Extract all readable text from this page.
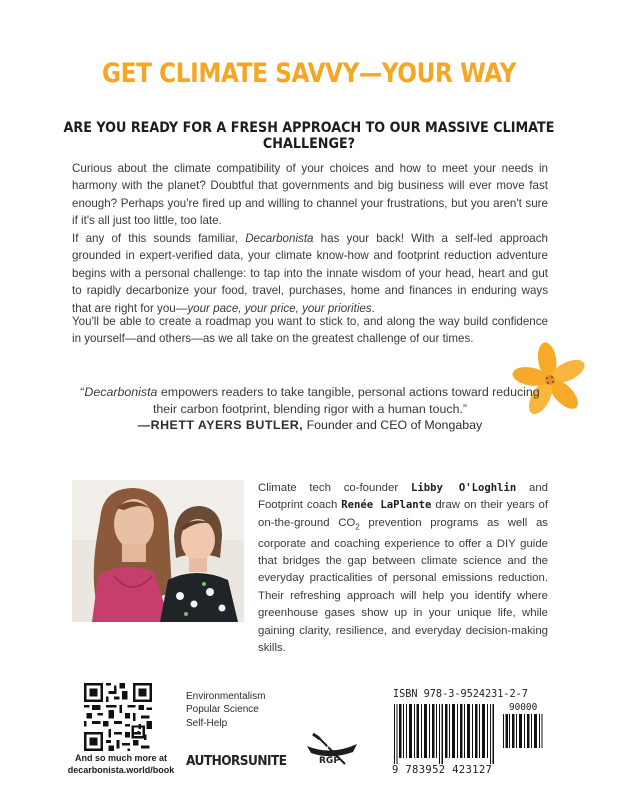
GET CLIMATE SAVVY—YOUR WAY
ARE YOU READY FOR A FRESH APPROACH TO OUR MASSIVE CLIMATE CHALLENGE?

Curious about the climate compatibility of your choices and how to meet your needs in harmony with the planet? Doubtful that governments and big business will ever move fast enough? Perhaps you're fired up and willing to channel your frustrations, but you aren't sure if it's all just too little, too late.

If any of this sounds familiar, Decarbonista has your back! With a self-led approach grounded in expert-verified data, your climate know-how and footprint reduction adventure begins with a personal challenge: to tap into the innate wisdom of your head, heart and gut to rapidly decarbonize your food, travel, purchases, home and finances in enduring ways that are right for you—your pace, your price, your priorities.

You'll be able to create a roadmap you want to stick to, and along the way build confidence in yourself—and others—as we all take on the greatest challenge of our times.

“Decarbonista empowers readers to take tangible, personal actions toward reducing their carbon footprint, blending rigor with a human touch.”
—RHETT AYERS BUTLER, Founder and CEO of Mongabay

Climate tech co-founder Libby O'Loghlin and Footprint coach Renée LaPlante draw on their years of on-the-ground $CO_2$ prevention programs as well as corporate and coaching experience to offer a DIY guide that bridges the gap between climate science and the everyday practicalities of personal emissions reduction. Their refreshing approach will help you identify where greenhouse gases show up in your unique life, while gaining clarity, resilience, and everyday decision-making skills.

And so much more at
decarbonista.world/book
Environmentalism
Popular Science
Self-Help
AUTHORSUNITE	RGP
ISBN 978-3-9524231-2-7
90000
9 783952 423127
